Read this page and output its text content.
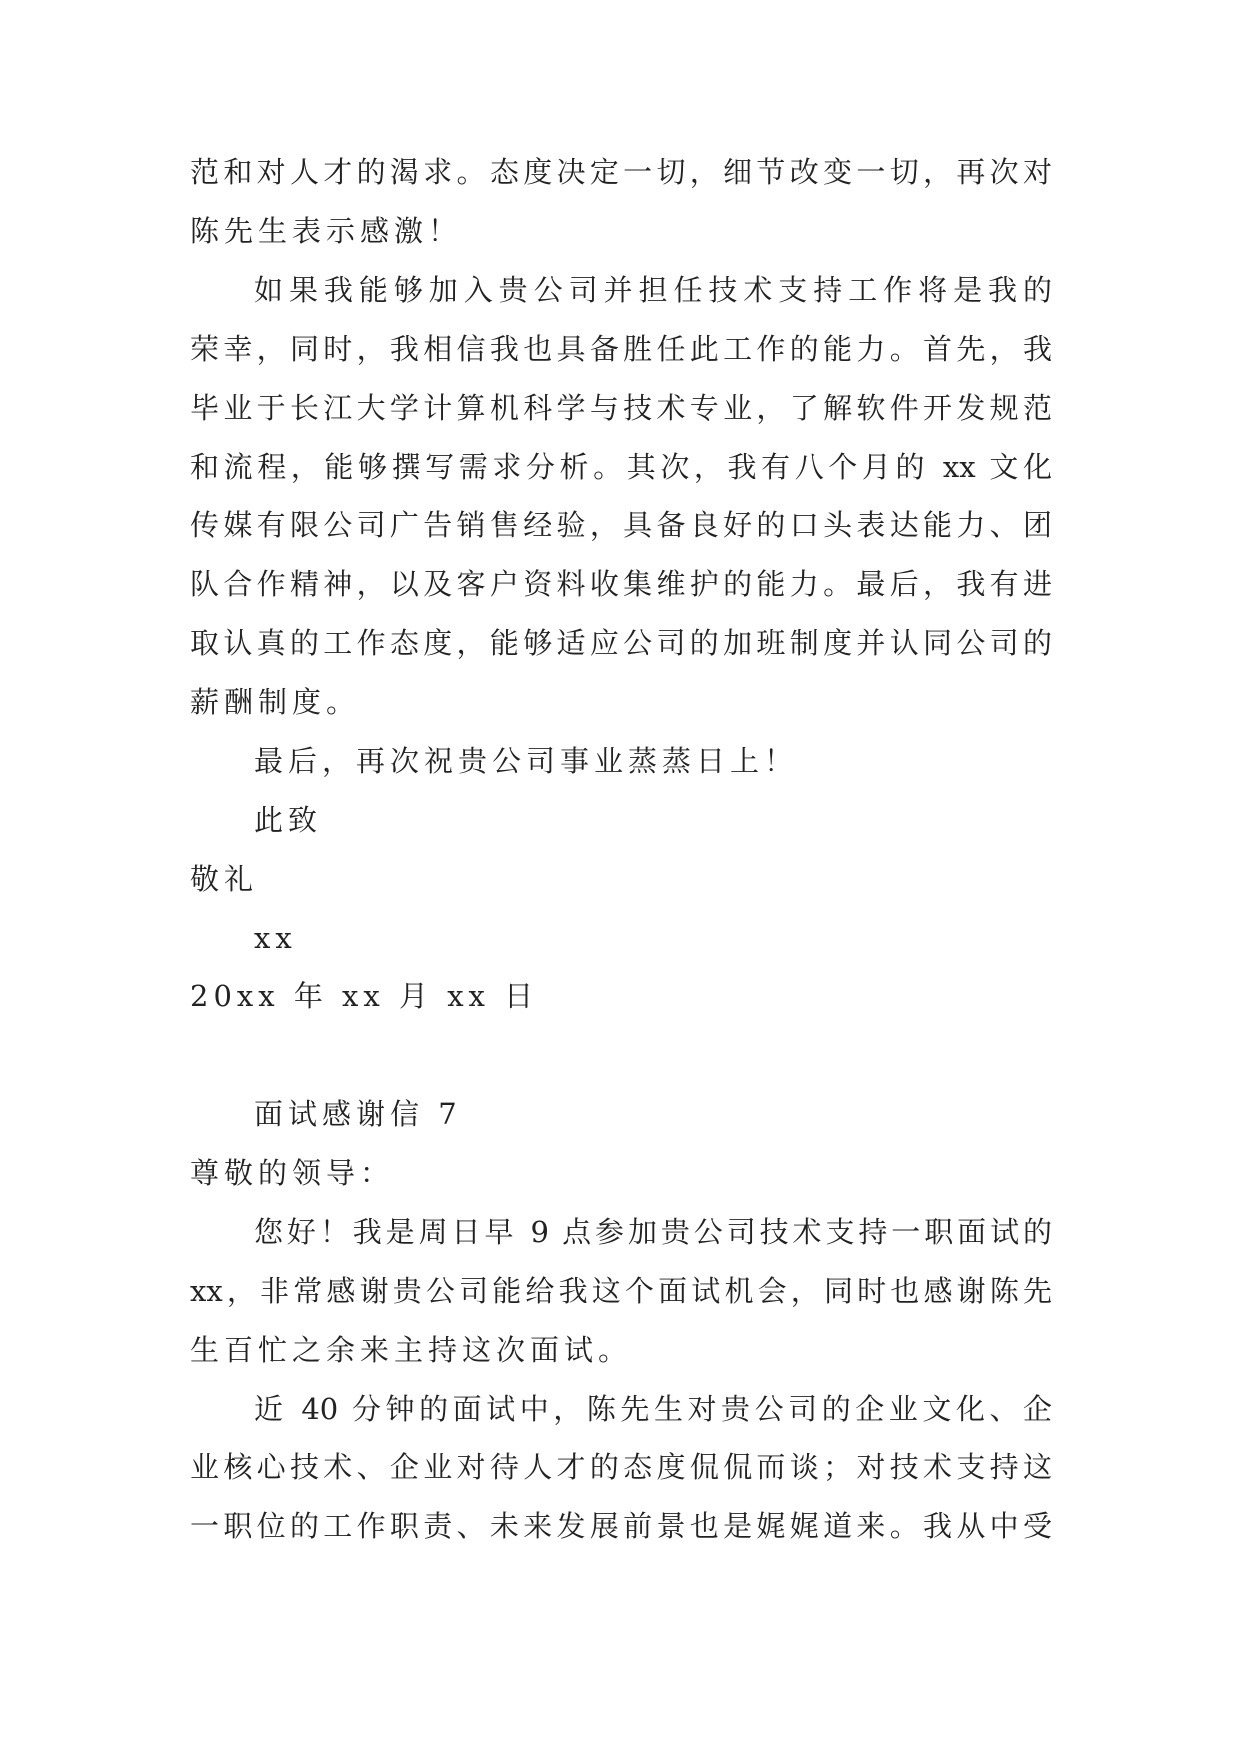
范和对人才的渴求。态度决定一切，细节改变一切，再次对
陈先生表示感激！
如果我能够加入贵公司并担任技术支持工作将是我的
荣幸，同时，我相信我也具备胜任此工作的能力。首先，我
毕业于长江大学计算机科学与技术专业，了解软件开发规范
和流程，能够撰写需求分析。其次，我有八个月的 xx 文化
传媒有限公司广告销售经验，具备良好的口头表达能力、团
队合作精神，以及客户资料收集维护的能力。最后，我有进
取认真的工作态度，能够适应公司的加班制度并认同公司的
薪酬制度。
最后，再次祝贵公司事业蒸蒸日上！
此致
敬礼
xx
20xx 年 xx 月 xx 日
面试感谢信 7
尊敬的领导：
您好！我是周日早 9 点参加贵公司技术支持一职面试的
xx，非常感谢贵公司能给我这个面试机会，同时也感谢陈先
生百忙之余来主持这次面试。
近 40 分钟的面试中，陈先生对贵公司的企业文化、企
业核心技术、企业对待人才的态度侃侃而谈；对技术支持这
一职位的工作职责、未来发展前景也是娓娓道来。我从中受
